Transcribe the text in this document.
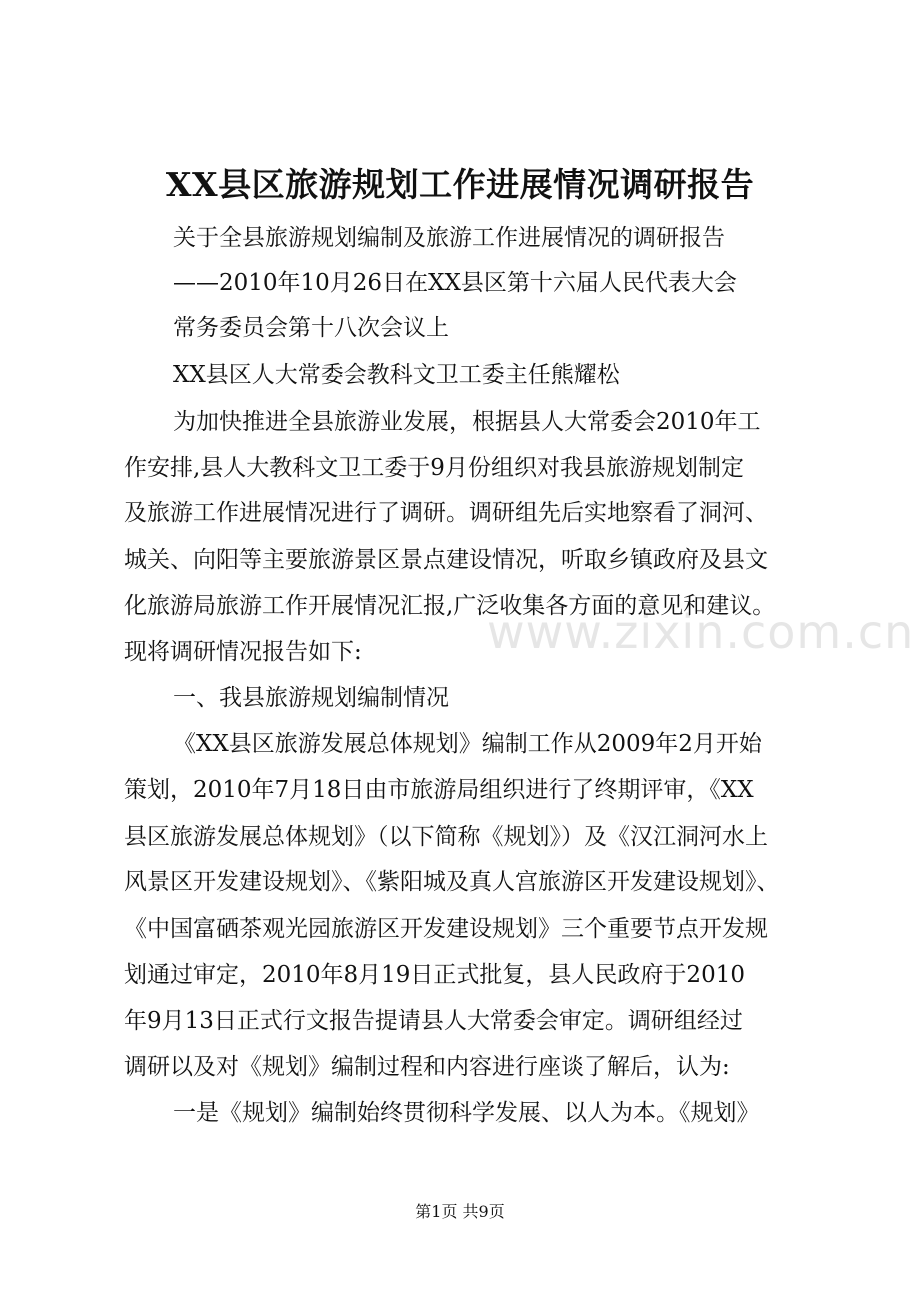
www.zixin.com.cn
XX县区旅游规划工作进展情况调研报告
关于全县旅游规划编制及旅游工作进展情况的调研报告
——2010年10月26日在XX县区第十六届人民代表大会
常务委员会第十八次会议上
XX县区人大常委会教科文卫工委主任熊耀松
为加快推进全县旅游业发展，根据县人大常委会2010年工
作安排,县人大教科文卫工委于9月份组织对我县旅游规划制定
及旅游工作进展情况进行了调研。调研组先后实地察看了洞河、
城关、向阳等主要旅游景区景点建设情况，听取乡镇政府及县文
化旅游局旅游工作开展情况汇报,广泛收集各方面的意见和建议。
现将调研情况报告如下:
一、我县旅游规划编制情况
《XX县区旅游发展总体规划》编制工作从2009年2月开始
策划，2010年7月18日由市旅游局组织进行了终期评审，《XX
县区旅游发展总体规划》（以下简称《规划》）及《汉江洞河水上
风景区开发建设规划》、《紫阳城及真人宫旅游区开发建设规划》、
《中国富硒茶观光园旅游区开发建设规划》三个重要节点开发规
划通过审定，2010年8月19日正式批复，县人民政府于2010
年9月13日正式行文报告提请县人大常委会审定。调研组经过
调研以及对《规划》编制过程和内容进行座谈了解后，认为:
一是《规划》编制始终贯彻科学发展、以人为本。《规划》
第1页 共9页
